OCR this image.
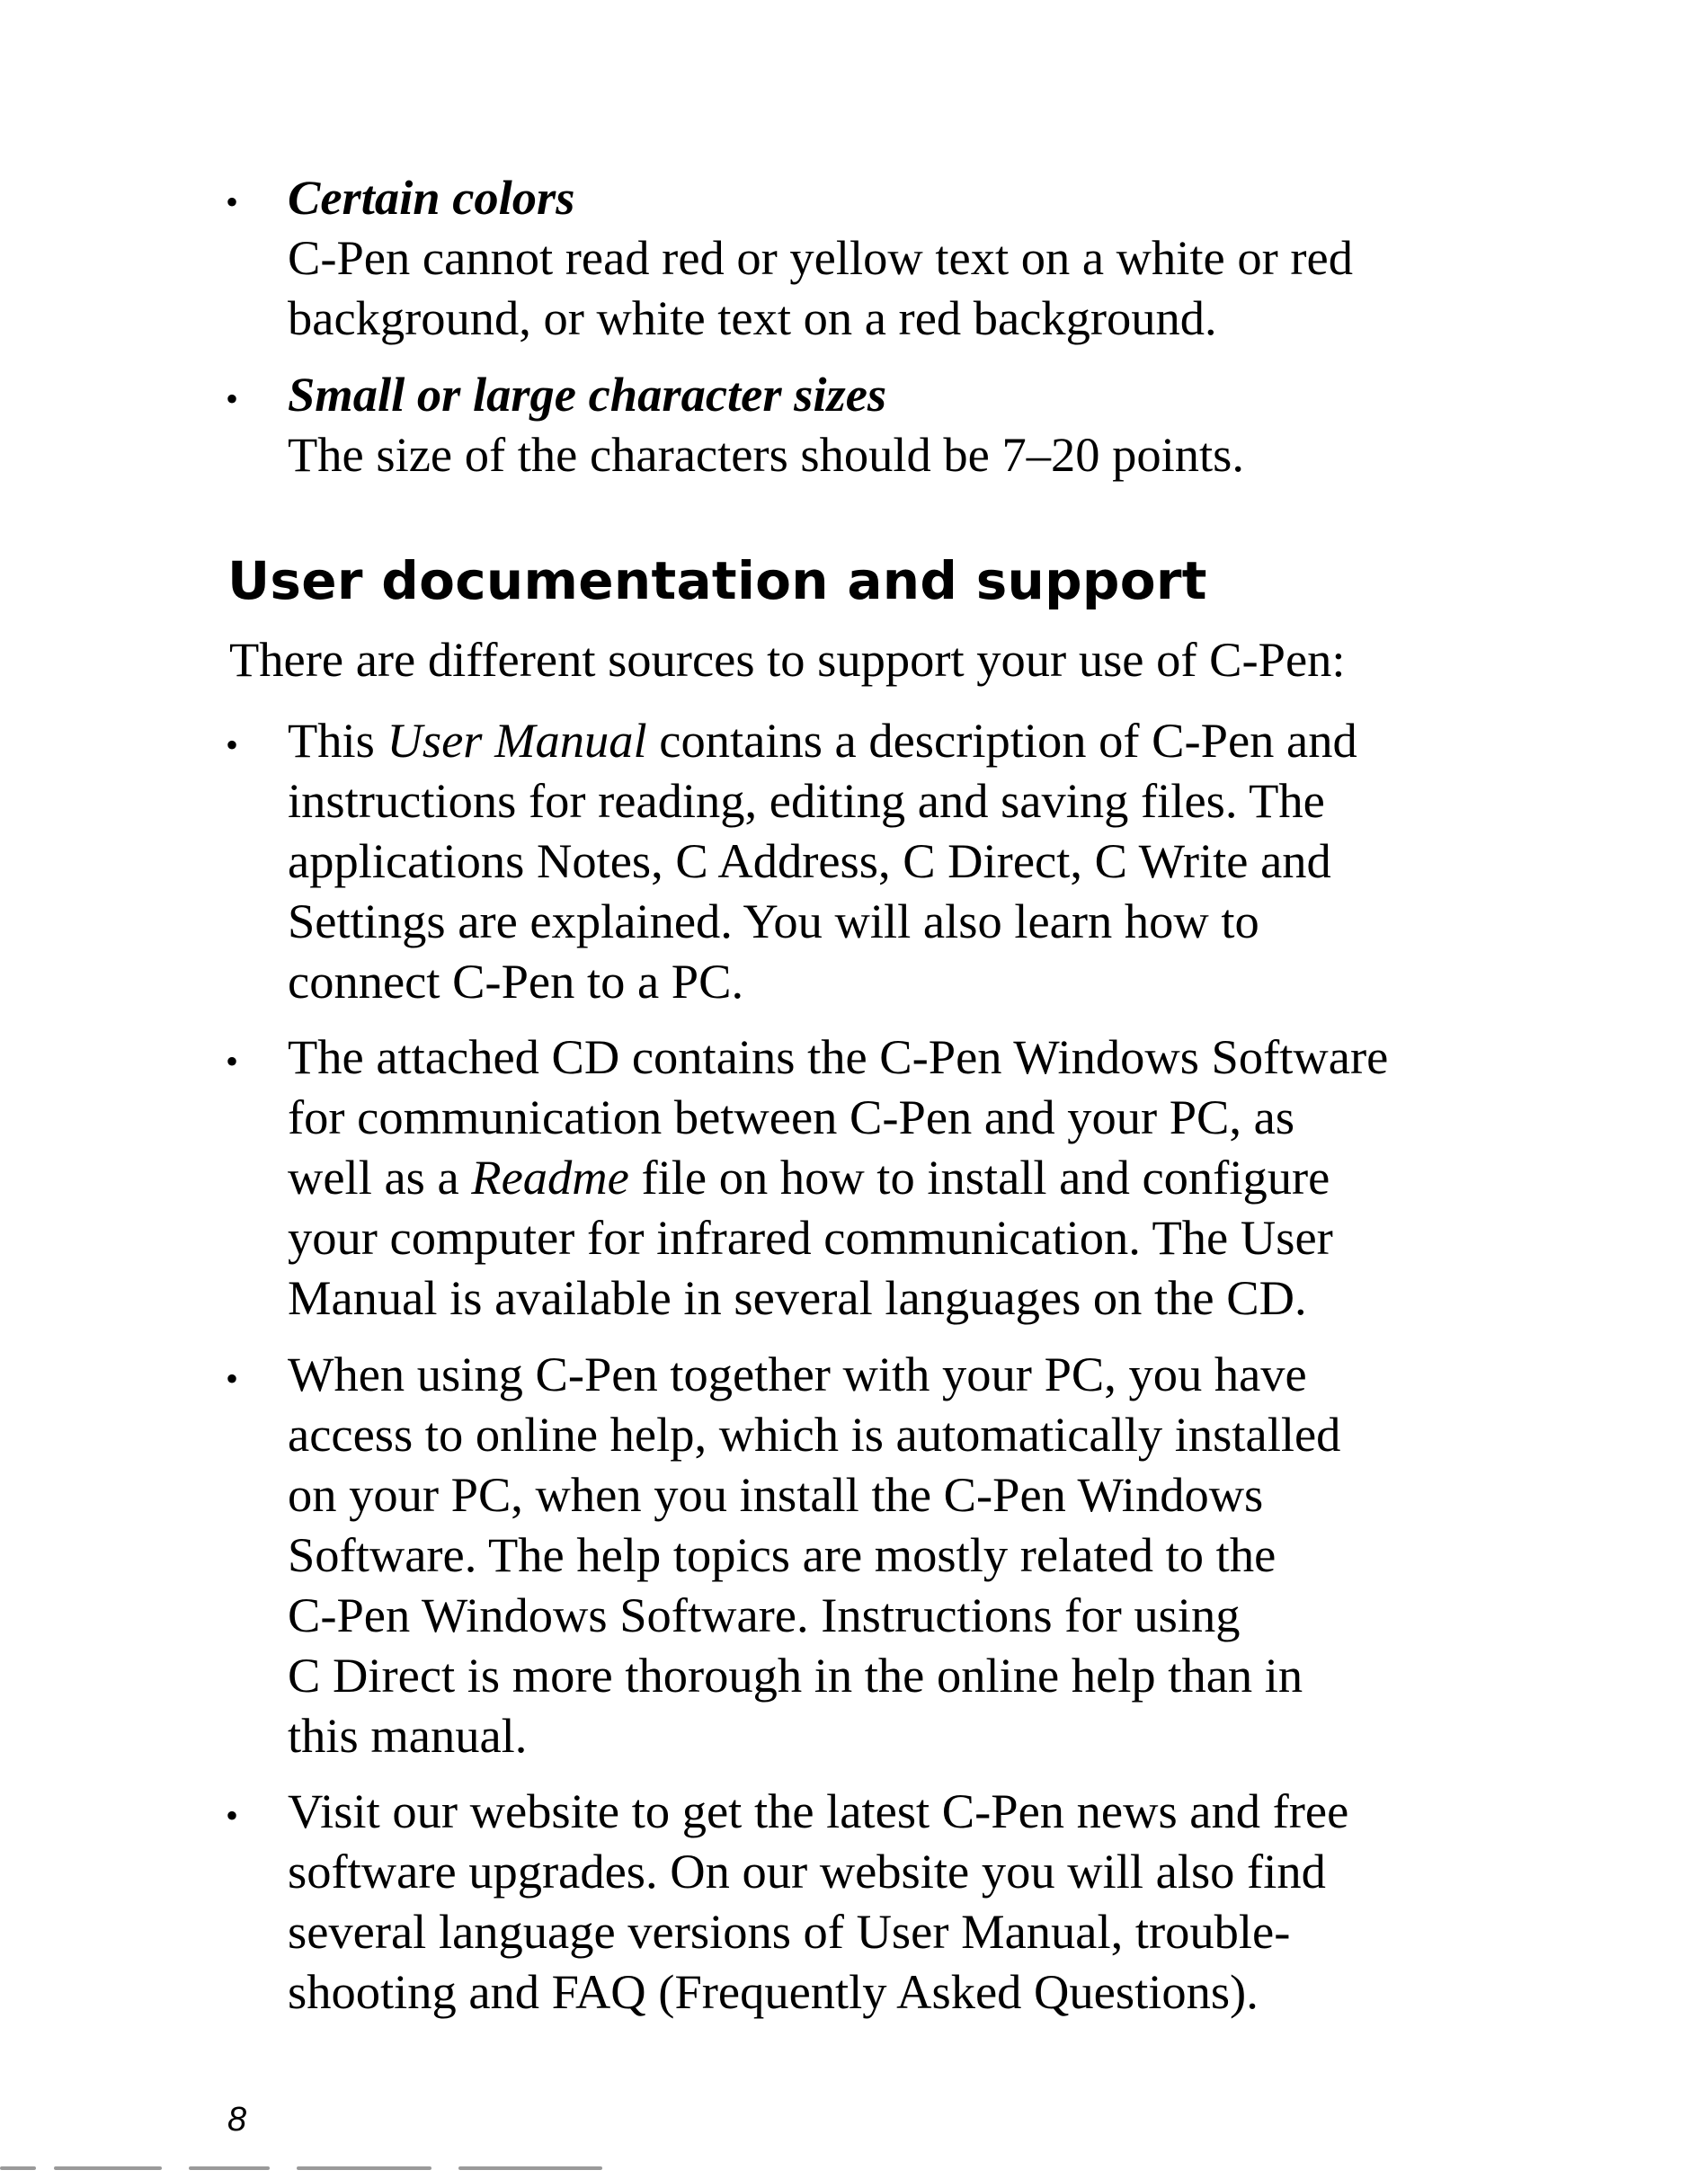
•	Certain colors
C-Pen cannot read red or yellow text on a white or red
background, or white text on a red background.
•	Small or large character sizes
The size of the characters should be 7–20 points.
User documentation and support
There are different sources to support your use of C-Pen:
•	This User Manual contains a description of C-Pen and
instructions for reading, editing and saving files. The
applications Notes, C Address, C Direct, C Write and
Settings are explained. You will also learn how to
connect C-Pen to a PC.
•	The attached CD contains the C-Pen Windows Software
for communication between C-Pen and your PC, as
well as a Readme file on how to install and configure
your computer for infrared communication. The User
Manual is available in several languages on the CD.
•	When using C-Pen together with your PC, you have
access to online help, which is automatically installed
on your PC, when you install the C-Pen Windows
Software. The help topics are mostly related to the
C-Pen Windows Software. Instructions for using
C Direct is more thorough in the online help than in
this manual.
•	Visit our website to get the latest C-Pen news and free
software upgrades. On our website you will also find
several language versions of User Manual, trouble-
shooting and FAQ (Frequently Asked Questions).
8
